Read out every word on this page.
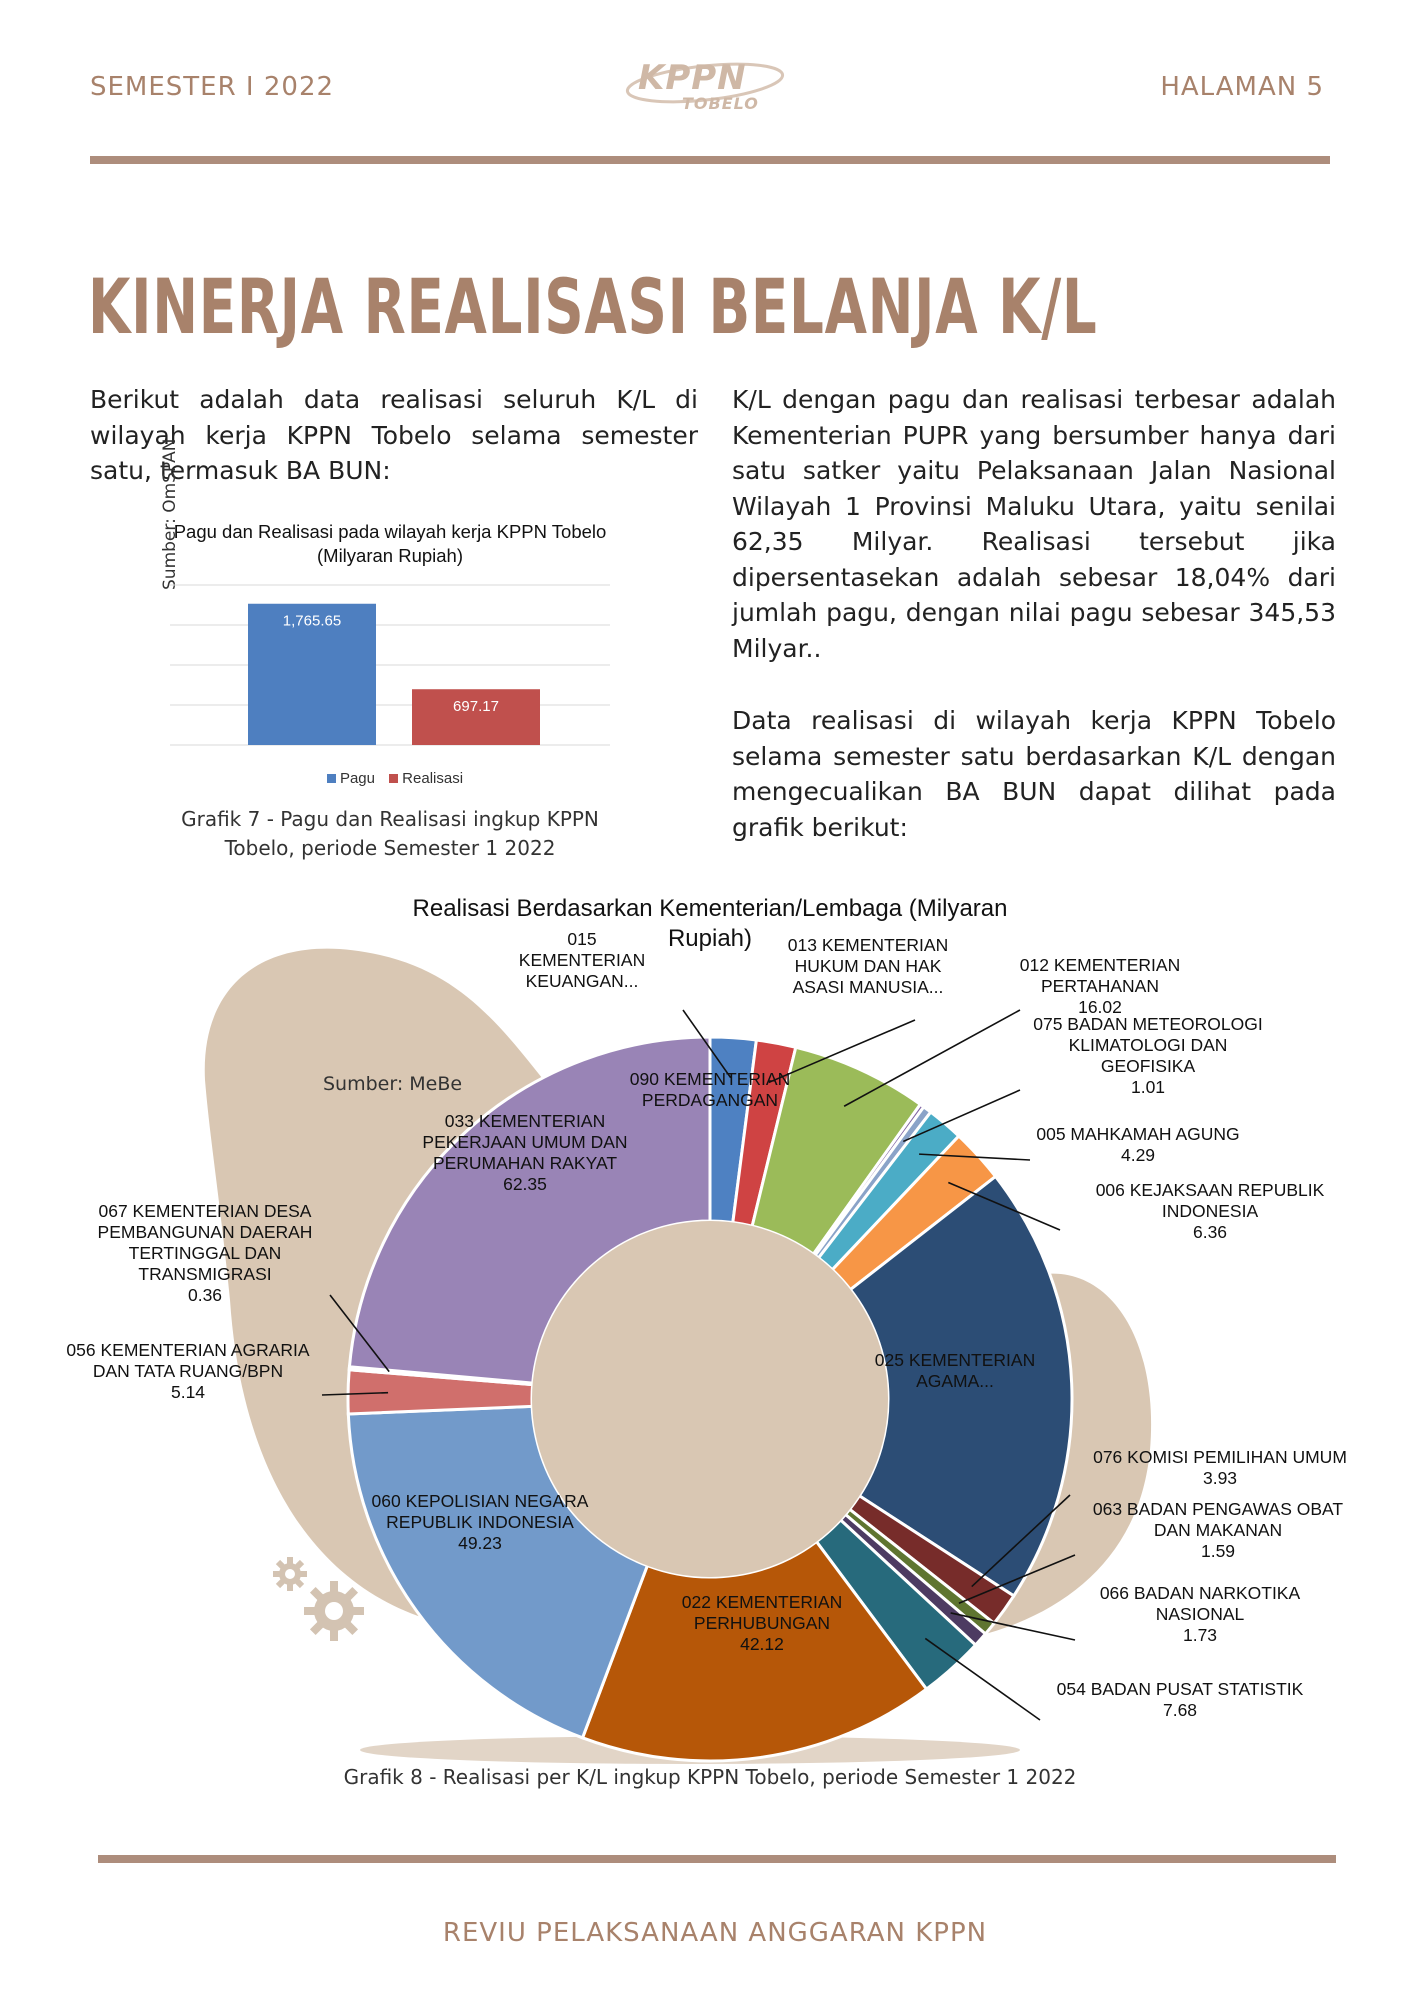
SEMESTER I 2022	KPPN
TOBELO
HALAMAN 5
KINERJA REALISASI BELANJA K/L
Berikut adalah data realisasi seluruh K/L di wilayah kerja KPPN Tobelo selama semester satu, termasuk BA BUN:
K/L dengan pagu dan realisasi terbesar adalah Kementerian PUPR yang bersumber hanya dari satu satker yaitu Pelaksanaan Jalan Nasional Wilayah 1 Provinsi Maluku Utara, yaitu senilai 62,35 Milyar. Realisasi tersebut jika dipersentasekan adalah sebesar 18,04% dari jumlah pagu, dengan nilai pagu sebesar 345,53 Milyar..
Data realisasi di wilayah kerja KPPN Tobelo selama semester satu berdasarkan K/L dengan mengecualikan BA BUN dapat dilihat pada grafik berikut:
Sumber: OmSPAN
Pagu dan Realisasi pada wilayah kerja KPPN Tobelo (Milyaran Rupiah)
1,765.65
697.17
Pagu Realisasi
Grafik 7 - Pagu dan Realisasi ingkup KPPN Tobelo, periode Semester 1 2022
Realisasi Berdasarkan Kementerian/Lembaga (Milyaran Rupiah)
Sumber: MeBe
015
KEMENTERIAN
KEUANGAN...
013 KEMENTERIAN
HUKUM DAN HAK
ASASI MANUSIA...
012 KEMENTERIAN
PERTAHANAN
16.02
075 BADAN METEOROLOGI
KLIMATOLOGI DAN
GEOFISIKA
1.01
005 MAHKAMAH AGUNG
4.29
006 KEJAKSAAN REPUBLIK
INDONESIA
6.36
090 KEMENTERIAN
PERDAGANGAN
033 KEMENTERIAN
PEKERJAAN UMUM DAN
PERUMAHAN RAKYAT
62.35
067 KEMENTERIAN DESA
PEMBANGUNAN DAERAH
TERTINGGAL DAN
TRANSMIGRASI
0.36
056 KEMENTERIAN AGRARIA
DAN TATA RUANG/BPN
5.14
025 KEMENTERIAN
AGAMA...
076 KOMISI PEMILIHAN UMUM
3.93
063 BADAN PENGAWAS OBAT
DAN MAKANAN
1.59
066 BADAN NARKOTIKA
NASIONAL
1.73
054 BADAN PUSAT STATISTIK
7.68
060 KEPOLISIAN NEGARA
REPUBLIK INDONESIA
49.23
022 KEMENTERIAN
PERHUBUNGAN
42.12
Grafik 8 - Realisasi per K/L ingkup KPPN Tobelo, periode Semester 1 2022
REVIU PELAKSANAAN ANGGARAN KPPN
